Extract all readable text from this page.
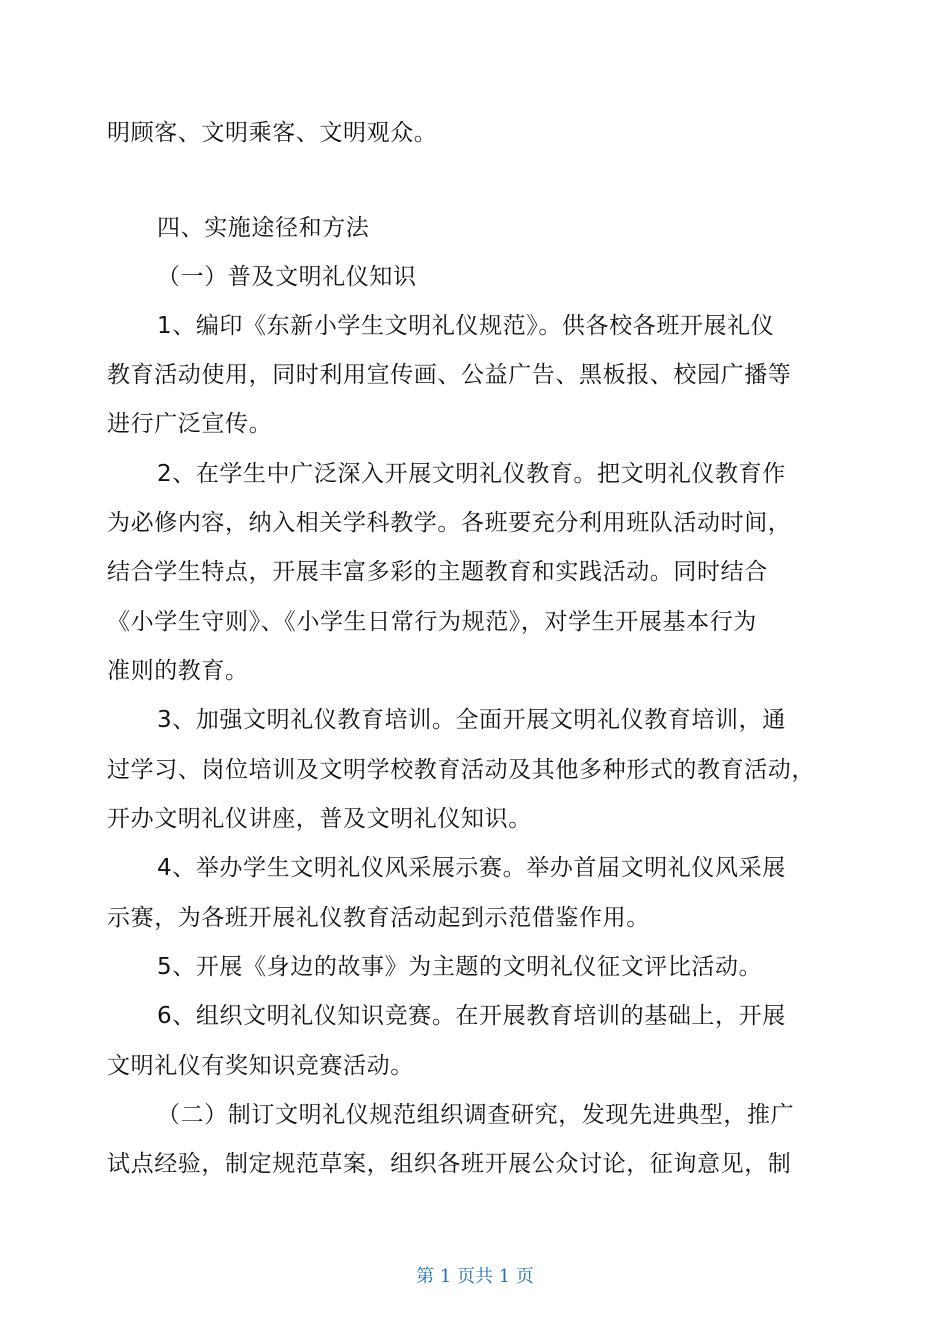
明顾客、文明乘客、文明观众。
四、实施途径和方法
（一）普及文明礼仪知识
1、编印《东新小学生文明礼仪规范》。供各校各班开展礼仪
教育活动使用，同时利用宣传画、公益广告、黑板报、校园广播等
进行广泛宣传。
2、在学生中广泛深入开展文明礼仪教育。把文明礼仪教育作
为必修内容，纳入相关学科教学。各班要充分利用班队活动时间，
结合学生特点，开展丰富多彩的主题教育和实践活动。同时结合
《小学生守则》、《小学生日常行为规范》，对学生开展基本行为
准则的教育。
3、加强文明礼仪教育培训。全面开展文明礼仪教育培训，通
过学习、岗位培训及文明学校教育活动及其他多种形式的教育活动，
开办文明礼仪讲座，普及文明礼仪知识。
4、举办学生文明礼仪风采展示赛。举办首届文明礼仪风采展
示赛，为各班开展礼仪教育活动起到示范借鉴作用。
5、开展《身边的故事》为主题的文明礼仪征文评比活动。
6、组织文明礼仪知识竞赛。在开展教育培训的基础上，开展
文明礼仪有奖知识竞赛活动。
（二）制订文明礼仪规范组织调查研究，发现先进典型，推广
试点经验，制定规范草案，组织各班开展公众讨论，征询意见，制
第 1 页共 1 页
